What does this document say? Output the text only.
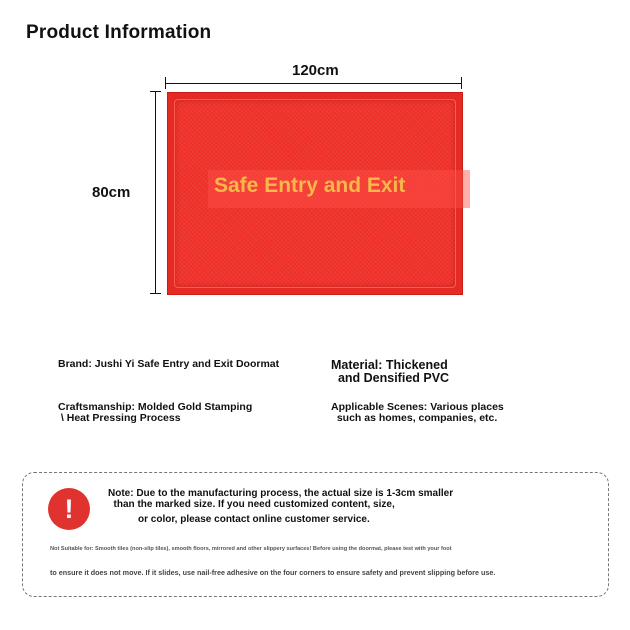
Product Information
120cm
80cm	Safe Entry and Exit
Brand: Jushi Yi Safe Entry and Exit Doormat	Material: Thickened
and Densified PVC
Craftsmanship: Molded Gold Stamping
\ Heat Pressing Process
Applicable Scenes: Various places
such as homes, companies, etc.
!
Note: Due to the manufacturing process, the actual size is 1-3cm smaller
than the marked size. If you need customized content, size,
or color, please contact online customer service.
Not Suitable for: Smooth tiles (non-slip tiles), smooth floors, mirrored and other slippery surfaces! Before using the doormat, please test with your foot
to ensure it does not move. If it slides, use nail-free adhesive on the four corners to ensure safety and prevent slipping before use.
